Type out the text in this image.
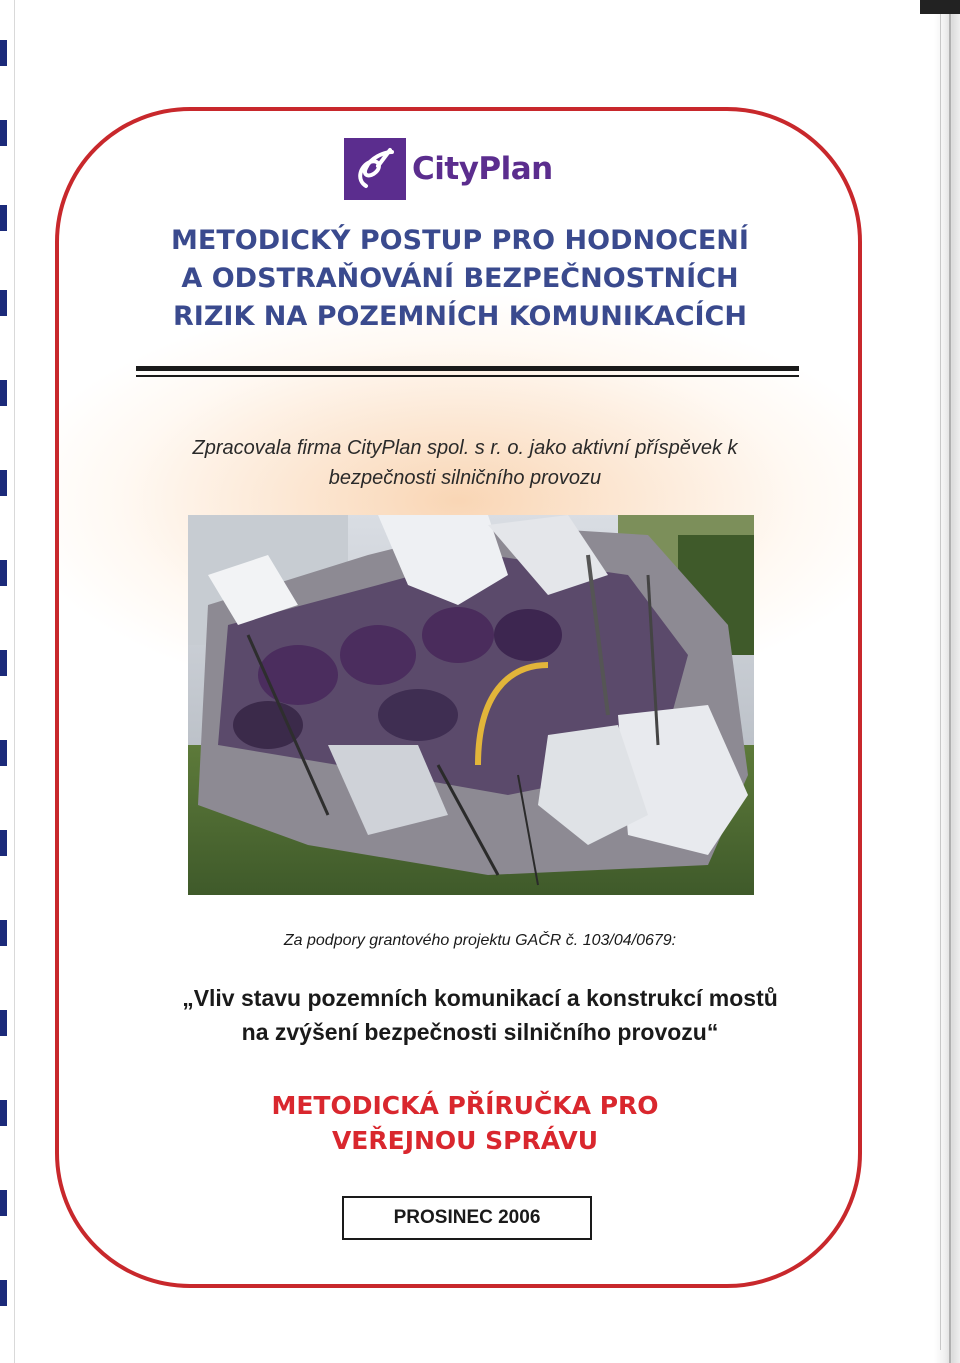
CityPlan
METODICKÝ POSTUP PRO HODNOCENÍ
A ODSTRAŇOVÁNÍ BEZPEČNOSTNÍCH
RIZIK NA POZEMNÍCH KOMUNIKACÍCH

Zpracovala firma CityPlan spol. s r. o. jako aktivní příspěvek k
bezpečnosti silničního provozu

Za podpory grantového projektu GAČR č. 103/04/0679:

„Vliv stavu pozemních komunikací a konstrukcí mostů
na zvýšení bezpečnosti silničního provozu“

METODICKÁ PŘÍRUČKA PRO
VEŘEJNOU SPRÁVU

PROSINEC 2006
